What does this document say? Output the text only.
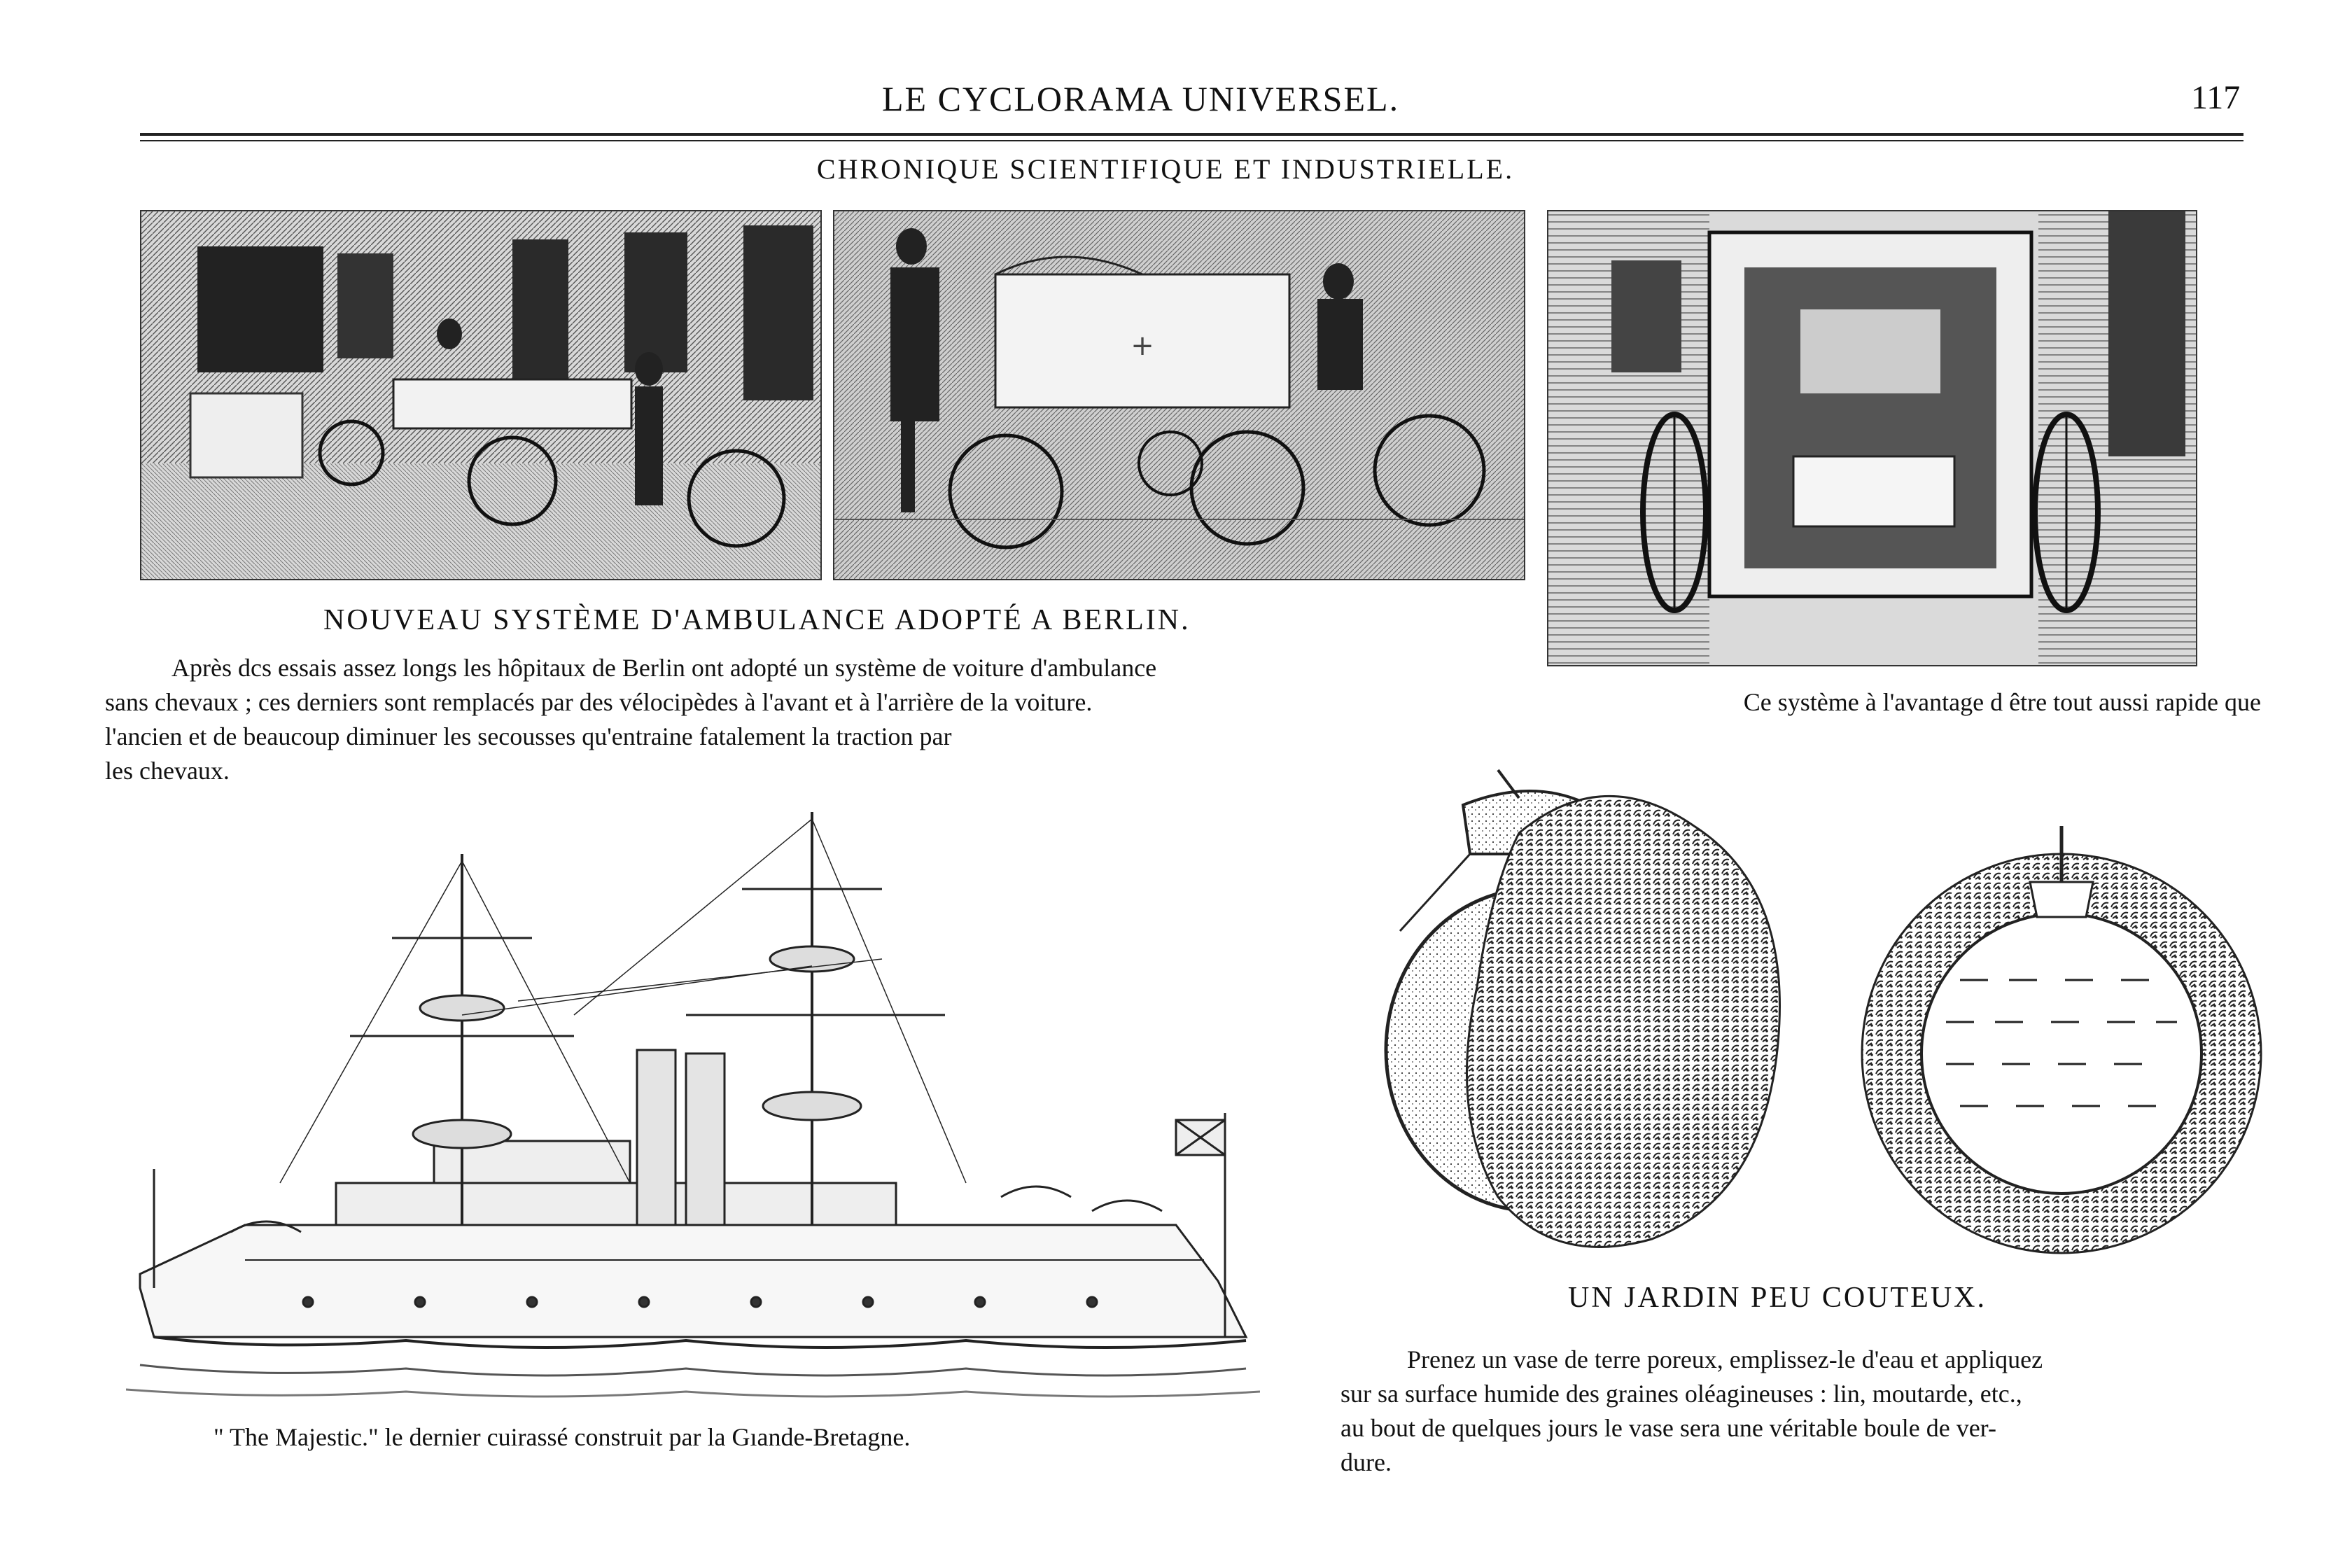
LE CYCLORAMA UNIVERSEL.	117
CHRONIQUE SCIENTIFIQUE ET INDUSTRIELLE.
+
NOUVEAU SYSTÈME D'AMBULANCE ADOPTÉ A BERLIN.
Après dcs essais assez longs les hôpitaux de Berlin ont adopté un système de voiture d'ambulance
sans chevaux ; ces derniers sont remplacés par des vélocipèdes à l'avant et à l'arrière de la voiture.	Ce système à l'avantage d être tout aussi rapide que
l'ancien et de beaucoup diminuer les secousses qu'entraine fatalement la traction par
les chevaux.
" The Majestic." le dernier cuirassé construit par la Gıande-Bretagne.
UN JARDIN PEU COUTEUX.
Prenez un vase de terre poreux, emplissez-le d'eau et appliquez
sur sa surface humide des graines oléagineuses : lin, moutarde, etc.,
au bout de quelques jours le vase sera une véritable boule de ver-
dure.
